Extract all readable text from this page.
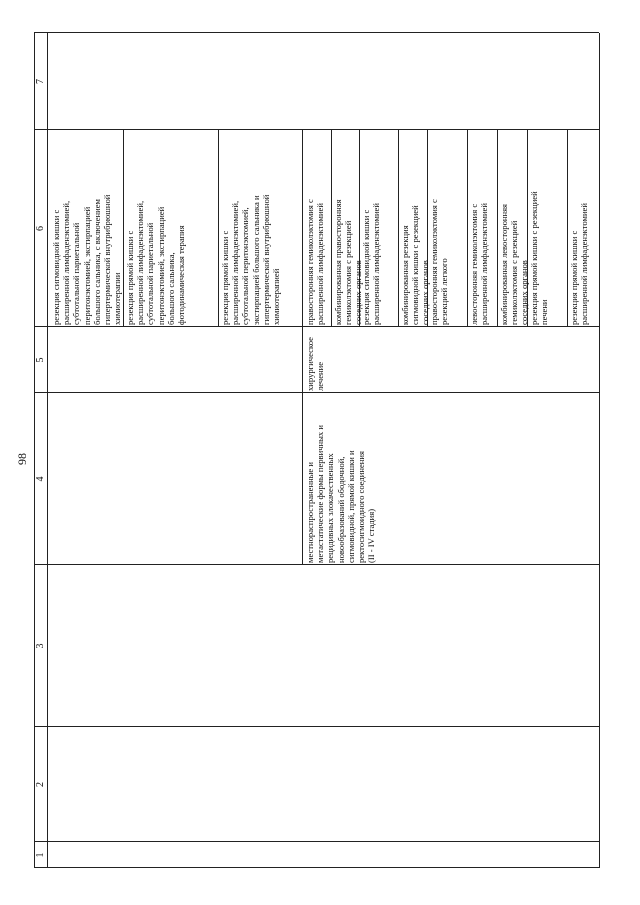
98
1
2
3
4
5
6
7
местнораспространенные и метастатические формы первичных и рецидивных злокачественных новообразований ободочной, сигмовидной, прямой кишки и ректосигмоидного соединения (II - IV стадия)
хирургическое лечение
резекция сигмовидной кишки с расширенной лимфаденэктомией, субтотальной париетальной перитонэктомией, экстирпацией большого сальника, с включением гипертермической внутрибрюшной химиотерапии резекция прямой кишки с расширенной лимфаденэктомией, субтотальной париетальной перитонэктомией, экстирпацией большого сальника, фотодинамическая терапия	резекция прямой кишки с расширенной лимфаденэктомией, субтотальной перитонэктомией, экстирпацией большого сальника и гипертермической внутрибрюшной химиотерапией	правосторонняя гемиколэктомия с расширенной лимфаденэктомией комбинированная правосторонняя гемиколэктомия с резекцией соседних органов
резекция сигмовидной кишки с расширенной лимфаденэктомией комбинированная резекция сигмовидной кишки с резекцией соседних органов
правосторонняя гемиколэктомия с резекцией легкого левосторонняя гемиколэктомия с расширенной лимфаденэктомией комбинированная левосторонняя гемиколэктомия с резекцией соседних органов резекция прямой кишки с резекцией печени резекция прямой кишки с расширенной лимфаденэктомией
